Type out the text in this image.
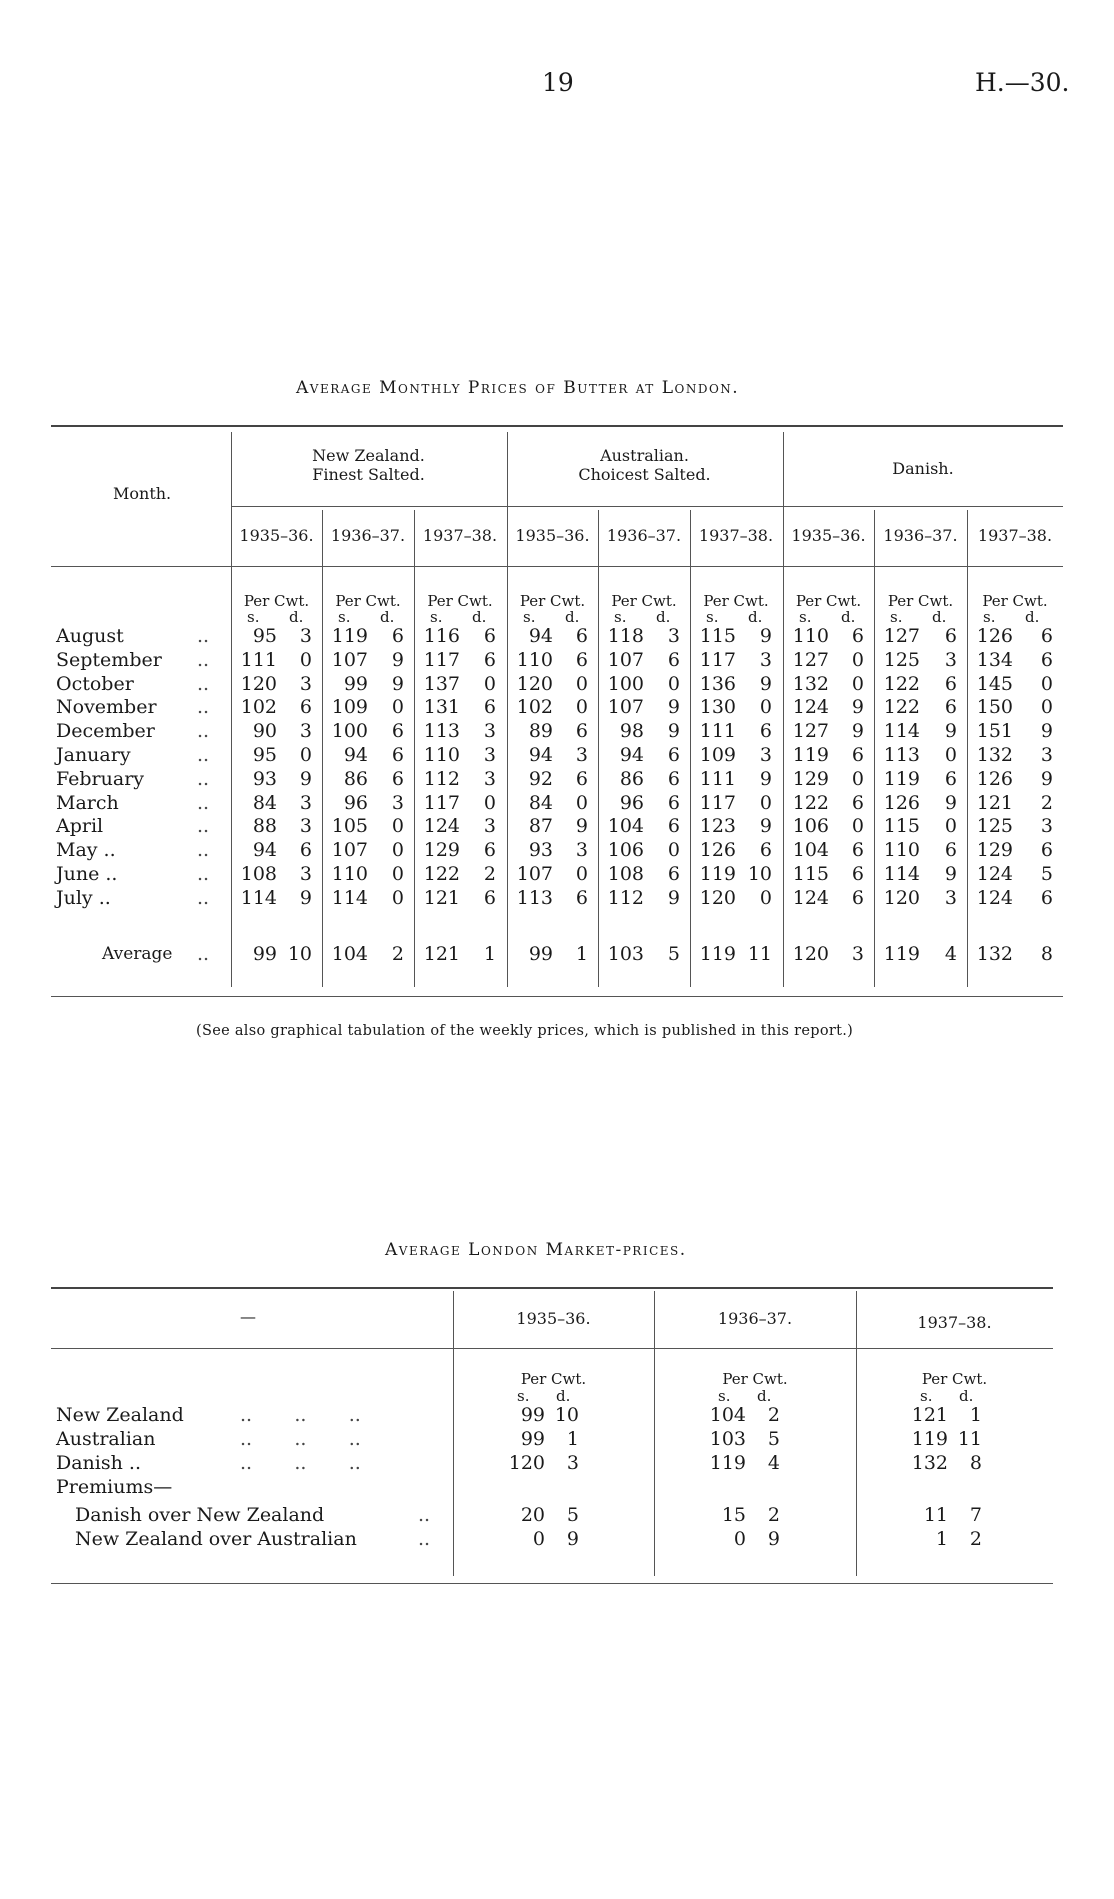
19	H.—30.
Average Monthly Prices of Butter at London.
Month.
New Zealand.
Finest Salted.
Australian.
Choicest Salted.	Danish.
1935–36.	1936–37.	1937–38.	1935–36.	1936–37.	1937–38.	1935–36.	1936–37.	1937–38.
Per Cwt.
s. d.
Per Cwt.
s. d.
Per Cwt.
s. d.
Per Cwt.
s. d.
Per Cwt.
s. d.
Per Cwt.
s. d.
Per Cwt.
s. d.
Per Cwt.
s. d.
Per Cwt.
s. d.
August	..	95	3	119	6	116	6	94	6	118	3	115	9	110	6	127	6	126	6
September ..	111	0	107	9	117	6	110	6	107	6	117	3	127	0	125	3	134	6
October	..	120	3	99	9	137	0	120	0	100	0	136	9	132	0	122	6	145	0
November ..	102	6	109	0	131	6	102	0	107	9	130	0	124	9	122	6	150	0
December ..	90	3	100	6	113	3	89	6	98	9	111	6	127	9	114	9	151	9
January	..	95	0	94	6	110	3	94	3	94	6	109	3	119	6	113	0	132	3
February	..	93	9	86	6	112	3	92	6	86	6	111	9	129	0	119	6	126	9
March	..	84	3	96	3	117	0	84	0	96	6	117	0	122	6	126	9	121	2
April	..	88	3	105	0	124	3	87	9	104	6	123	9	106	0	115	0	125	3
May ..	..	94	6	107	0	129	6	93	3	106	0	126	6	104	6	110	6	129	6
June ..	..	108	3	110	0	122	2	107	0	108	6	119 10	115	6	114	9	124	5
July ..	..	114	9	114	0	121	6	113	6	112	9	120	0	124	6	120	3	124	6
Average ..	99 10	104	2	121	1	99	1	103	5	119 11	120	3	119	4	132	8
(See also graphical tabulation of the weekly prices, which is published in this report.)
Average London Market-prices.
—	1935–36.	1936–37.	1937–38.
Per Cwt.
s. d.
Per Cwt.
s. d.
Per Cwt.
s. d.
New Zealand	..       ..       ..	99 10	104	2	121	1
Australian	..       ..       ..	99	1	103	5	119 11
Danish ..	..       ..       ..	120	3	119	4	132	8
Premiums—
Danish over New Zealand	..	20	5	15	2	11	7
New Zealand over Australian	..	0	9	0	9	1	2
